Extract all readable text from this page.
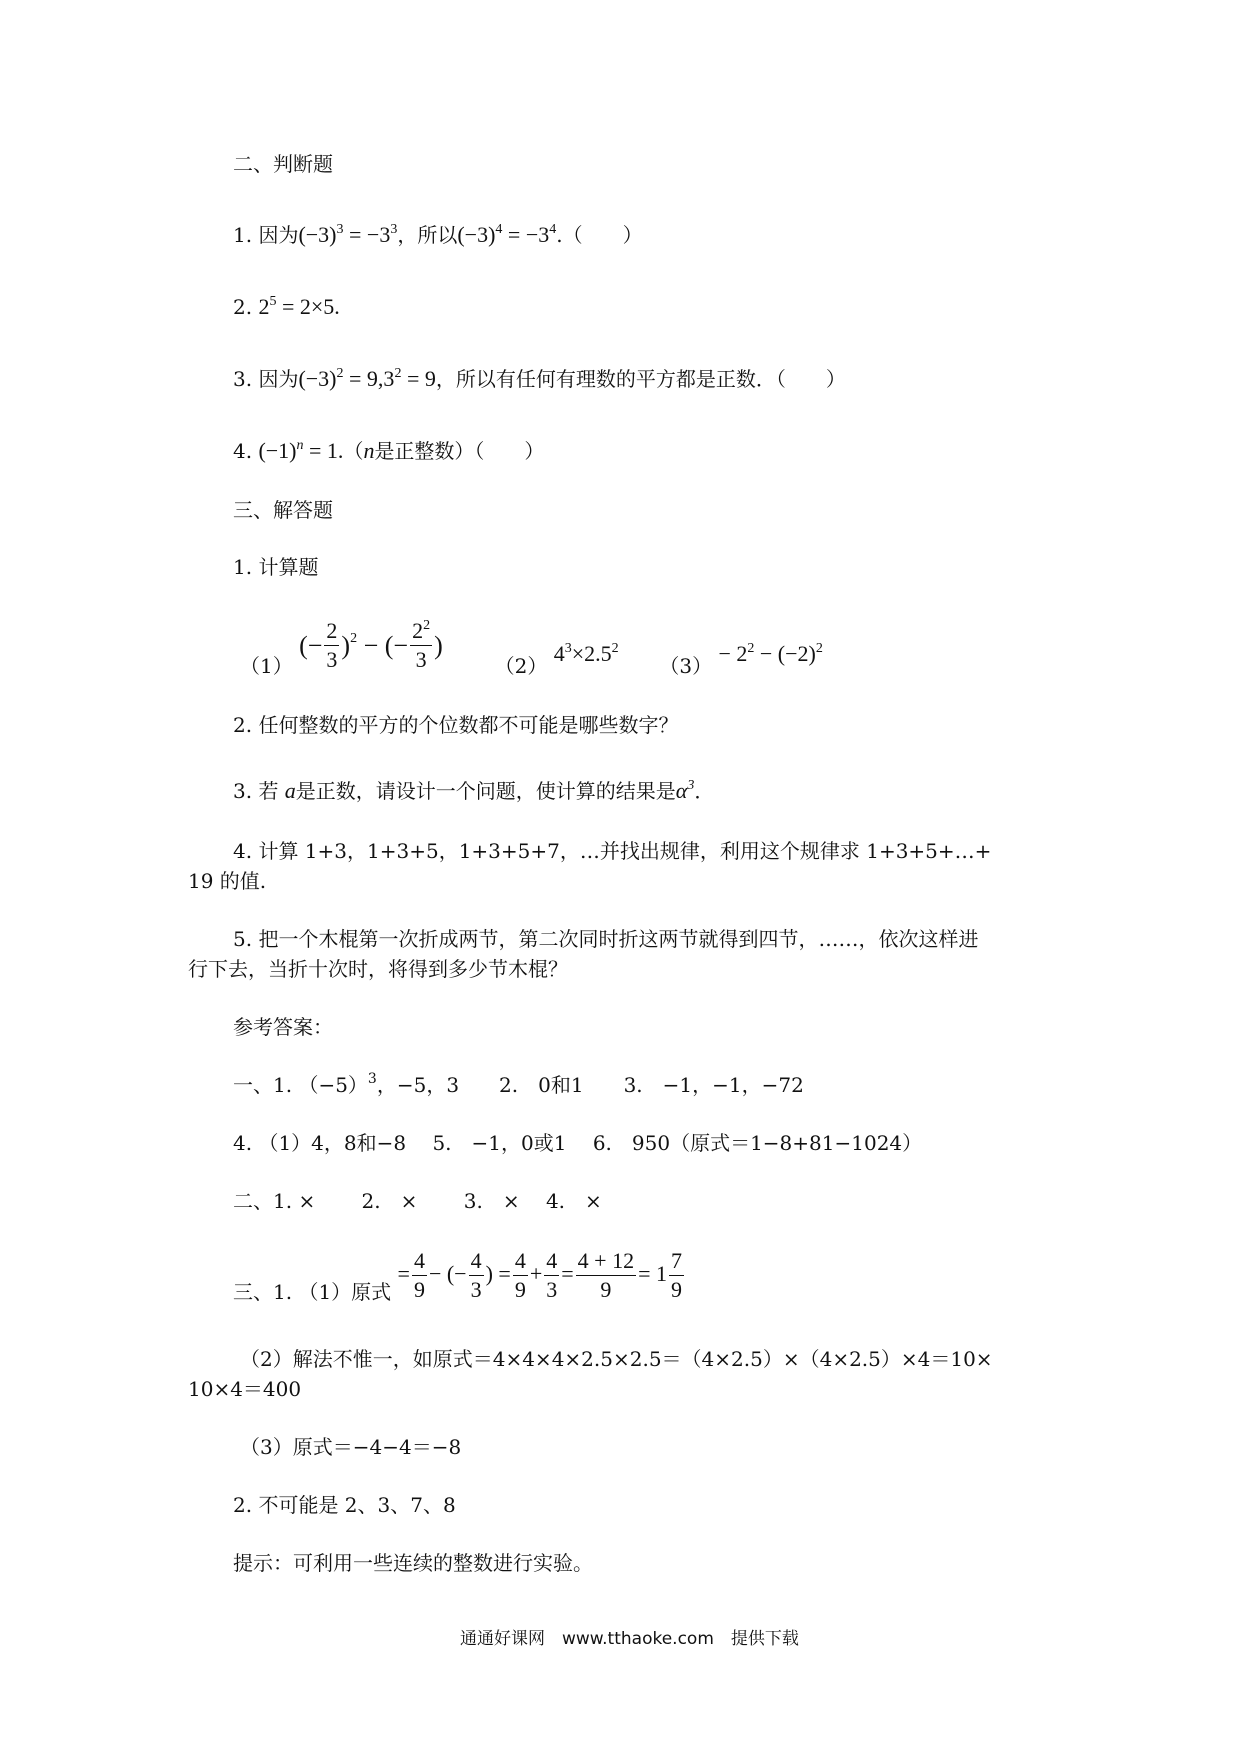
二、判断题
1. 因为$(-3)^3 = -3^3$，所以$(-3)^4 = -3^4$.（　　）
2. $2^5 = 2\times 5$.
3. 因为$(-3)^2 = 9,3^2 = 9$，所以有任何有理数的平方都是正数．（　　）
4. $(-1)^n = 1.(n$是正整数）（　　）
三、解答题
1. 计算题
（1） (− $\frac{2}{3} )^2$ − (− $\frac{2^2}{3}$ )  （2） $4^3\times 2.5^2$  $(3) - 2^2 - (-2)^2$
2. 任何整数的平方的个位数都不可能是哪些数字？
3. 若 a是正数，请设计一个问题，使计算的结果是$\alpha^3$．
4. 计算 1+3，1+3+5，1+3+5+7，…并找出规律，利用这个规律求 1+3+5+…+
19 的值.
5. 把一个木棍第一次折成两节，第二次同时折这两节就得到四节，……，依次这样进
行下去，当折十次时，将得到多少节木棍？
参考答案：
一、1. $(-5)^3$，−5，3　　2.　0和1　　3.　−1，−1，−72
4. （1）4，8和−8　 5.　−1，0或1　 6.　950（原式＝1−8+81−1024）
二、1. ×　　 2.　×　　 3.　×　 4.　×
三、1. （1）原式 = $\frac{4}{9}$ − (− $\frac{4}{3}$ ) = $\frac{4}{9} + \frac{4}{3} = \frac{4 + 12}{9} = 1 \frac{7}{9}$
（2）解法不惟一，如原式＝4×4×4×2.5×2.5＝（4×2.5）×（4×2.5）×4＝10×
10×4＝400
（3）原式＝−4−4＝−8
2. 不可能是 2、3、7、8
提示：可利用一些连续的整数进行实验。
通通好课网　www.tthaoke.com　提供下载
